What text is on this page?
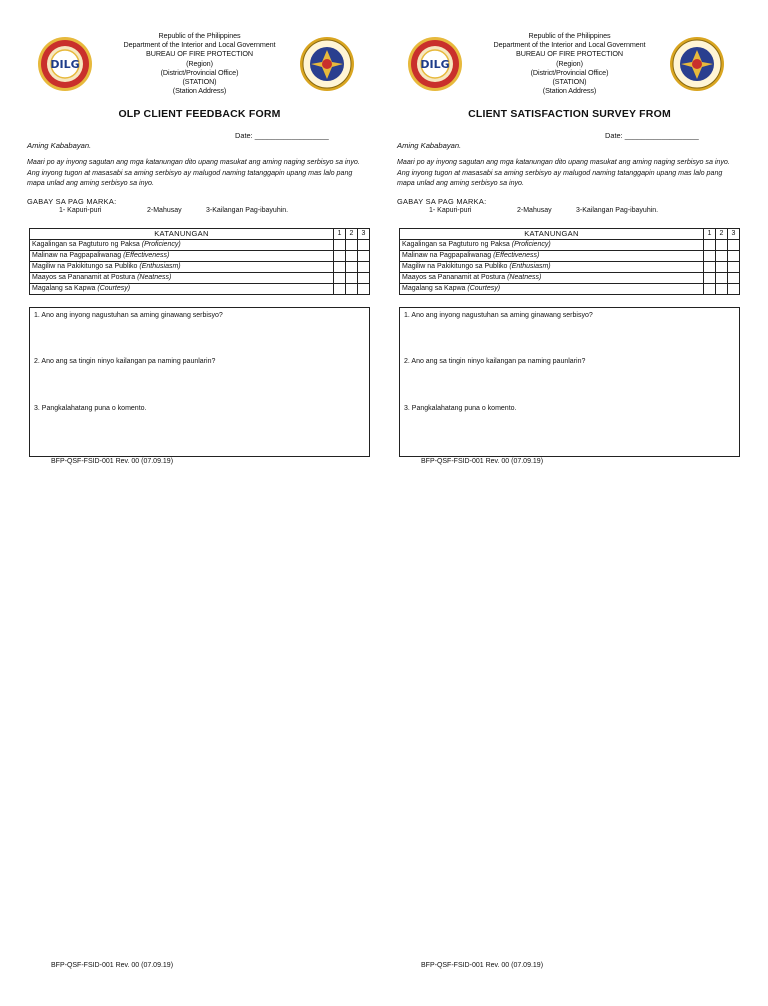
DILG
Republic of the Philippines
Department of the Interior and Local Government
BUREAU OF FIRE PROTECTION
(Region)
(District/Provincial Office)
(STATION)
(Station Address)
OLP CLIENT FEEDBACK FORM
Date: __________________
Aming Kababayan.
Maari po ay inyong sagutan ang mga katanungan dito upang masukat ang aming naging serbisyo sa inyo. Ang inyong tugon at masasabi sa aming serbisyo ay malugod naming tatanggapin upang mas lalo pang mapa unlad ang aming serbisyo sa inyo.
GABAY SA PAG MARKA:
1- Kapuri-puri	2-Mahusay	3-Kailangan Pag-ibayuhin.
KATANUNGAN	1	2	3
Kagalingan sa Pagtuturo ng Paksa (Proficiency)			
Malinaw na Pagpapaliwanag (Effectiveness)			
Magiliw na Pakikitungo sa Publiko (Enthusiasm)			
Maayos sa Pananamit at Postura (Neatness)			
Magalang sa Kapwa (Courtesy)			
1. Ano ang inyong nagustuhan sa aming ginawang serbisyo?
2. Ano ang sa tingin ninyo kailangan pa naming paunlarin?
3. Pangkalahatang puna o komento.
BFP-QSF-FSID-001 Rev. 00 (07.09.19)
BFP-QSF-FSID-001 Rev. 00 (07.09.19)
DILG
Republic of the Philippines
Department of the Interior and Local Government
BUREAU OF FIRE PROTECTION
(Region)
(District/Provincial Office)
(STATION)
(Station Address)
CLIENT SATISFACTION SURVEY FROM
Date: __________________
Aming Kababayan.
Maari po ay inyong sagutan ang mga katanungan dito upang masukat ang aming naging serbisyo sa inyo. Ang inyong tugon at masasabi sa aming serbisyo ay malugod naming tatanggapin upang mas lalo pang mapa unlad ang aming serbisyo sa inyo.
GABAY SA PAG MARKA:
1- Kapuri-puri	2-Mahusay	3-Kailangan Pag-ibayuhin.
KATANUNGAN	1	2	3
Kagalingan sa Pagtuturo ng Paksa (Proficiency)			
Malinaw na Pagpapaliwanag (Effectiveness)			
Magiliw na Pakikitungo sa Publiko (Enthusiasm)			
Maayos sa Pananamit at Postura (Neatness)			
Magalang sa Kapwa (Courtesy)			
1. Ano ang inyong nagustuhan sa aming ginawang serbisyo?
2. Ano ang sa tingin ninyo kailangan pa naming paunlarin?
3. Pangkalahatang puna o komento.
BFP-QSF-FSID-001 Rev. 00 (07.09.19)
BFP-QSF-FSID-001 Rev. 00 (07.09.19)
